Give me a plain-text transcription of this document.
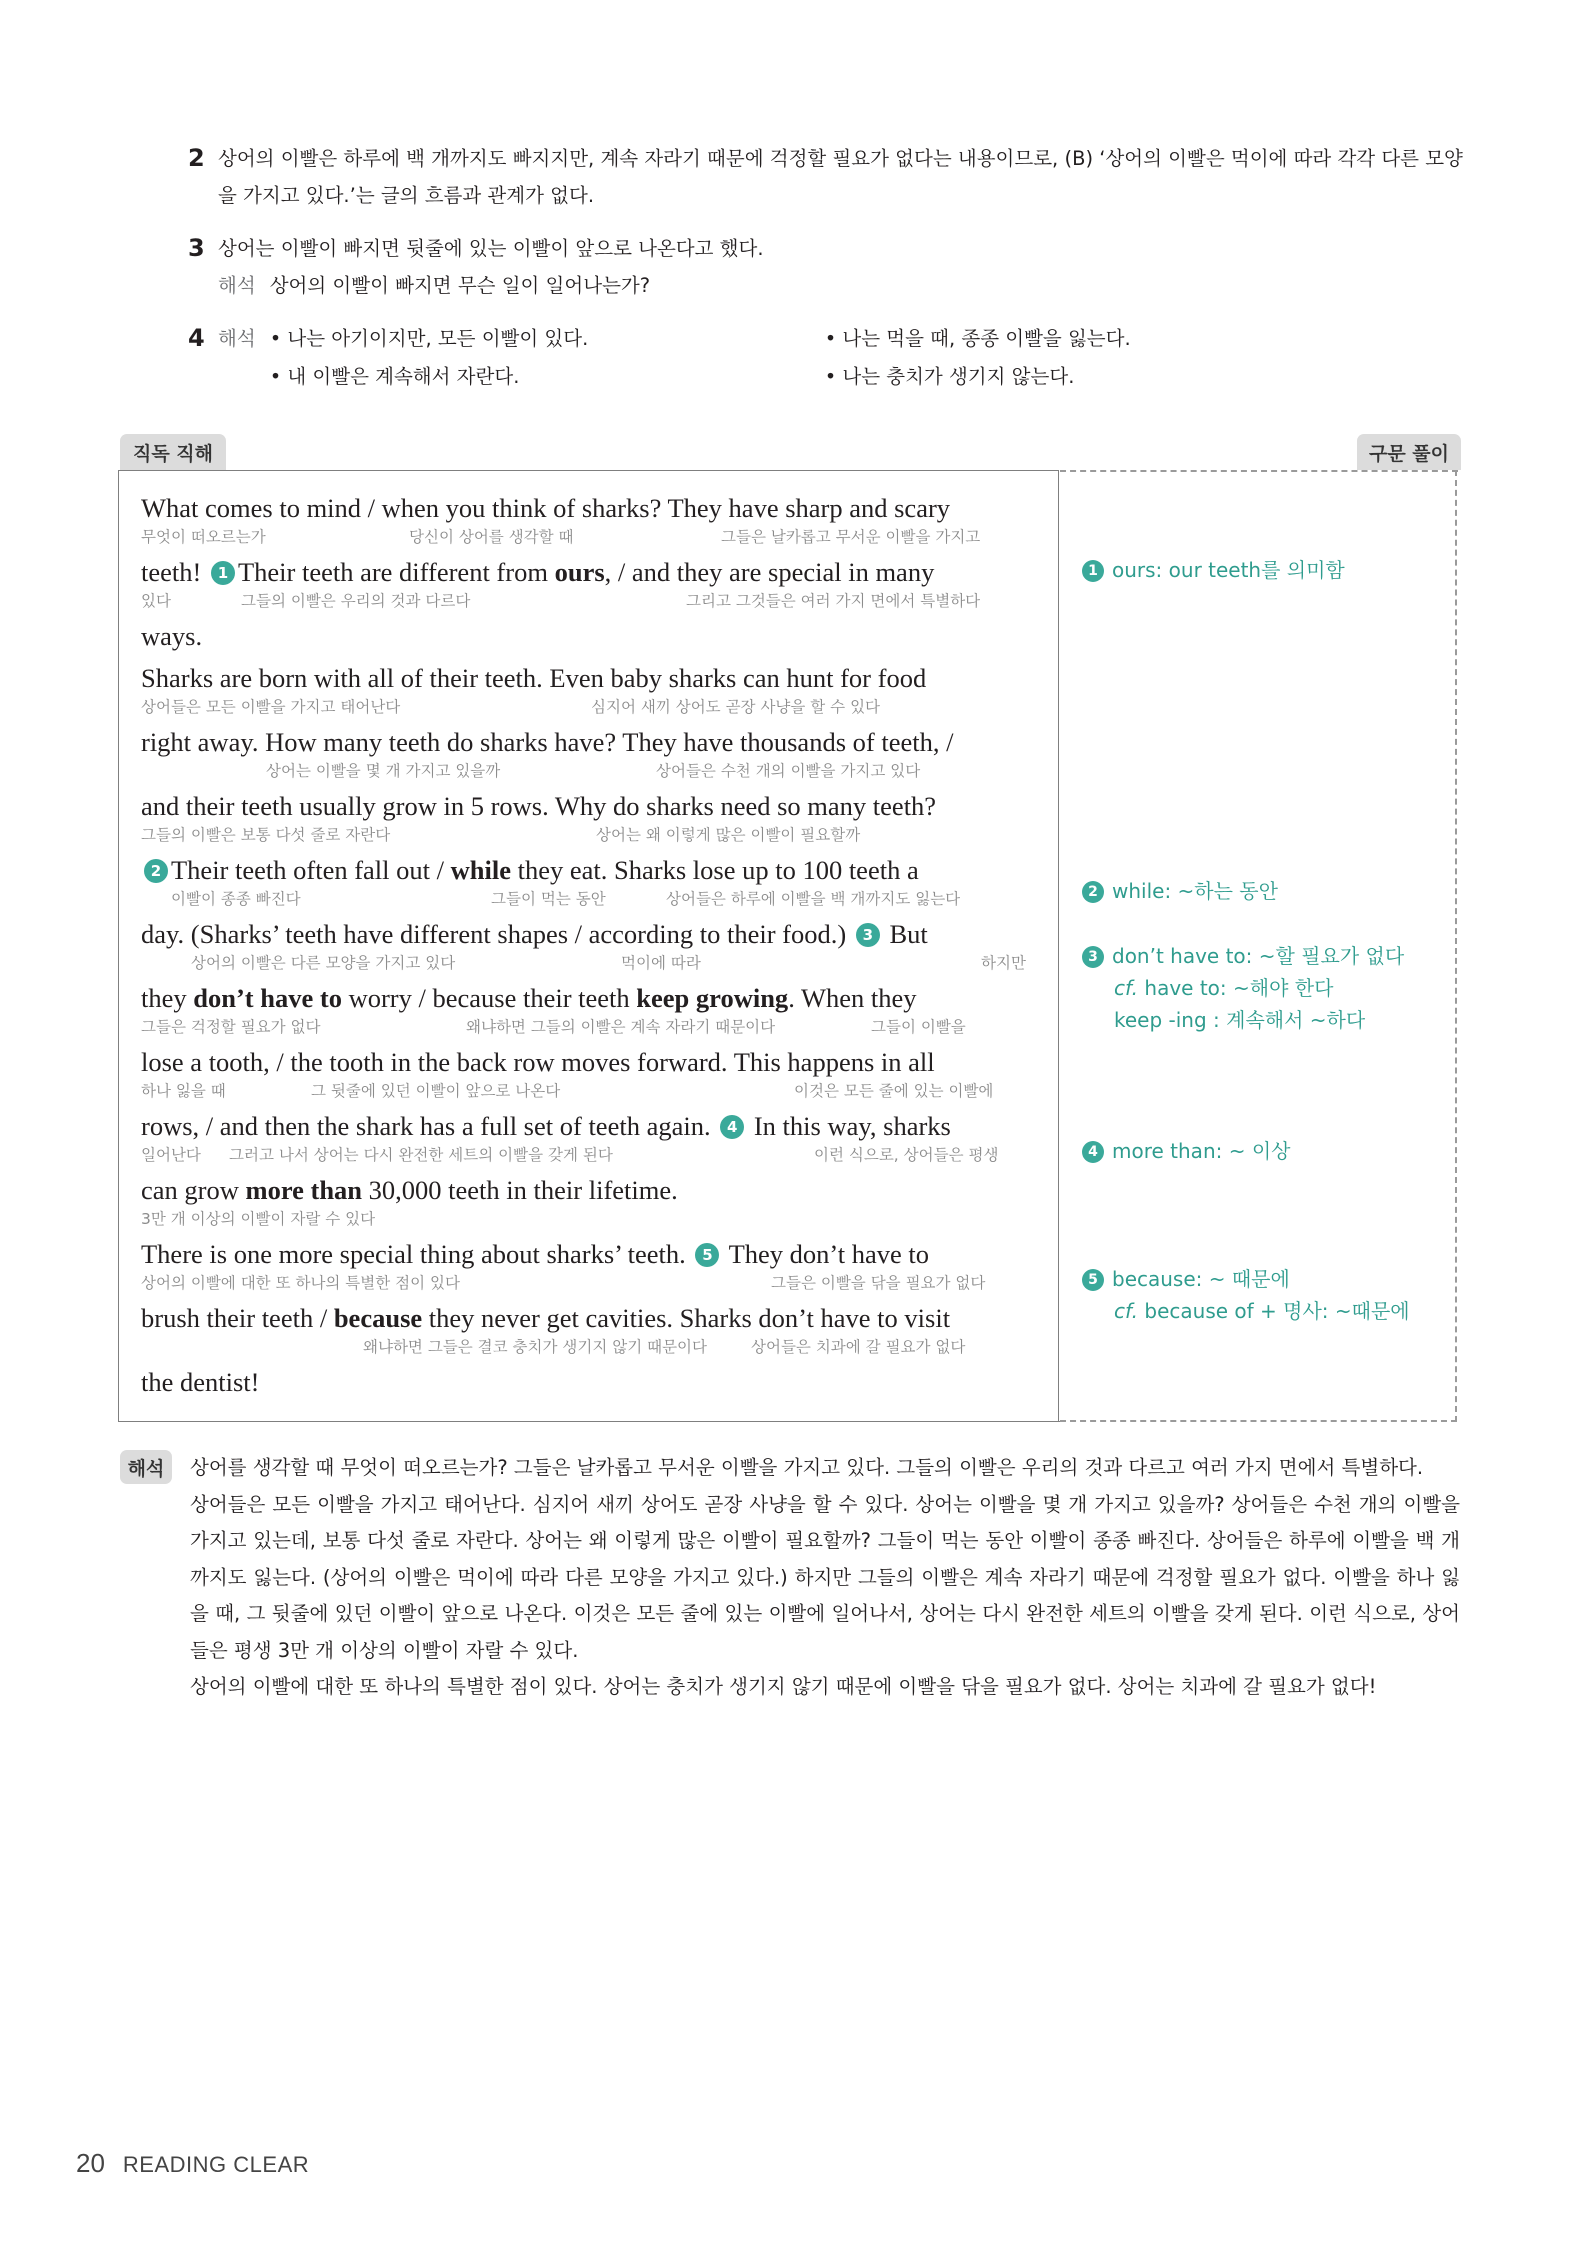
2 상어의 이빨은 하루에 백 개까지도 빠지지만, 계속 자라기 때문에 걱정할 필요가 없다는 내용이므로, (B) ‘상어의 이빨은 먹이에 따라 각각 다른 모양을 가지고 있다.’는 글의 흐름과 관계가 없다.
3 상어는 이빨이 빠지면 뒷줄에 있는 이빨이 앞으로 나온다고 했다.
해석 상어의 이빨이 빠지면 무슨 일이 일어나는가?
4 해석 • 나는 아기이지만, 모든 이빨이 있다.	• 나는 먹을 때, 종종 이빨을 잃는다.
• 내 이빨은 계속해서 자란다.	• 나는 충치가 생기지 않는다.
직독 직해	구문 풀이
What comes to mind / when you think of sharks? They have sharp and scary
무엇이 떠오르는가	당신이 상어를 생각할 때	그들은 날카롭고 무서운 이빨을 가지고
teeth! 1 Their teeth are different from ours, / and they are special in many
있다	그들의 이빨은 우리의 것과 다르다	그리고 그것들은 여러 가지 면에서 특별하다
ways.
Sharks are born with all of their teeth. Even baby sharks can hunt for food
상어들은 모든 이빨을 가지고 태어난다	심지어 새끼 상어도 곧장 사냥을 할 수 있다
right away. How many teeth do sharks have? They have thousands of teeth, /
상어는 이빨을 몇 개 가지고 있을까	상어들은 수천 개의 이빨을 가지고 있다
and their teeth usually grow in 5 rows. Why do sharks need so many teeth?
그들의 이빨은 보통 다섯 줄로 자란다	상어는 왜 이렇게 많은 이빨이 필요할까
2 Their teeth often fall out / while they eat. Sharks lose up to 100 teeth a
이빨이 종종 빠진다	그들이 먹는 동안	상어들은 하루에 이빨을 백 개까지도 잃는다
day. (Sharks’ teeth have different shapes / according to their food.) 3 But
상어의 이빨은 다른 모양을 가지고 있다	먹이에 따라	하지만
they don’t have to worry / because their teeth keep growing. When they
그들은 걱정할 필요가 없다	왜냐하면 그들의 이빨은 계속 자라기 때문이다	그들이 이빨을
lose a tooth, / the tooth in the back row moves forward. This happens in all
하나 잃을 때	그 뒷줄에 있던 이빨이 앞으로 나온다	이것은 모든 줄에 있는 이빨에
rows, / and then the shark has a full set of teeth again. 4 In this way, sharks
일어난다 그러고 나서 상어는 다시 완전한 세트의 이빨을 갖게 된다	이런 식으로, 상어들은 평생
can grow more than 30,000 teeth in their lifetime.
3만 개 이상의 이빨이 자랄 수 있다
There is one more special thing about sharks’ teeth. 5 They don’t have to
상어의 이빨에 대한 또 하나의 특별한 점이 있다	그들은 이빨을 닦을 필요가 없다
brush their teeth / because they never get cavities. Sharks don’t have to visit
왜냐하면 그들은 결코 충치가 생기지 않기 때문이다	상어들은 치과에 갈 필요가 없다
the dentist!
1 ours: our teeth를 의미함
2 while: ~하는 동안
3 don’t have to: ~할 필요가 없다
cf. have to: ~해야 한다
keep -ing : 계속해서 ~하다
4 more than: ~ 이상
5 because: ~ 때문에
cf. because of + 명사: ~때문에
해석	상어를 생각할 때 무엇이 떠오르는가? 그들은 날카롭고 무서운 이빨을 가지고 있다. 그들의 이빨은 우리의 것과 다르고 여러 가지 면에서 특별하다.
상어들은 모든 이빨을 가지고 태어난다. 심지어 새끼 상어도 곧장 사냥을 할 수 있다. 상어는 이빨을 몇 개 가지고 있을까? 상어들은 수천 개의 이빨을 가지고 있는데, 보통 다섯 줄로 자란다. 상어는 왜 이렇게 많은 이빨이 필요할까? 그들이 먹는 동안 이빨이 종종 빠진다. 상어들은 하루에 이빨을 백 개까지도 잃는다. (상어의 이빨은 먹이에 따라 다른 모양을 가지고 있다.) 하지만 그들의 이빨은 계속 자라기 때문에 걱정할 필요가 없다. 이빨을 하나 잃을 때, 그 뒷줄에 있던 이빨이 앞으로 나온다. 이것은 모든 줄에 있는 이빨에 일어나서, 상어는 다시 완전한 세트의 이빨을 갖게 된다. 이런 식으로, 상어들은 평생 3만 개 이상의 이빨이 자랄 수 있다.
상어의 이빨에 대한 또 하나의 특별한 점이 있다. 상어는 충치가 생기지 않기 때문에 이빨을 닦을 필요가 없다. 상어는 치과에 갈 필요가 없다!
20 READING CLEAR
